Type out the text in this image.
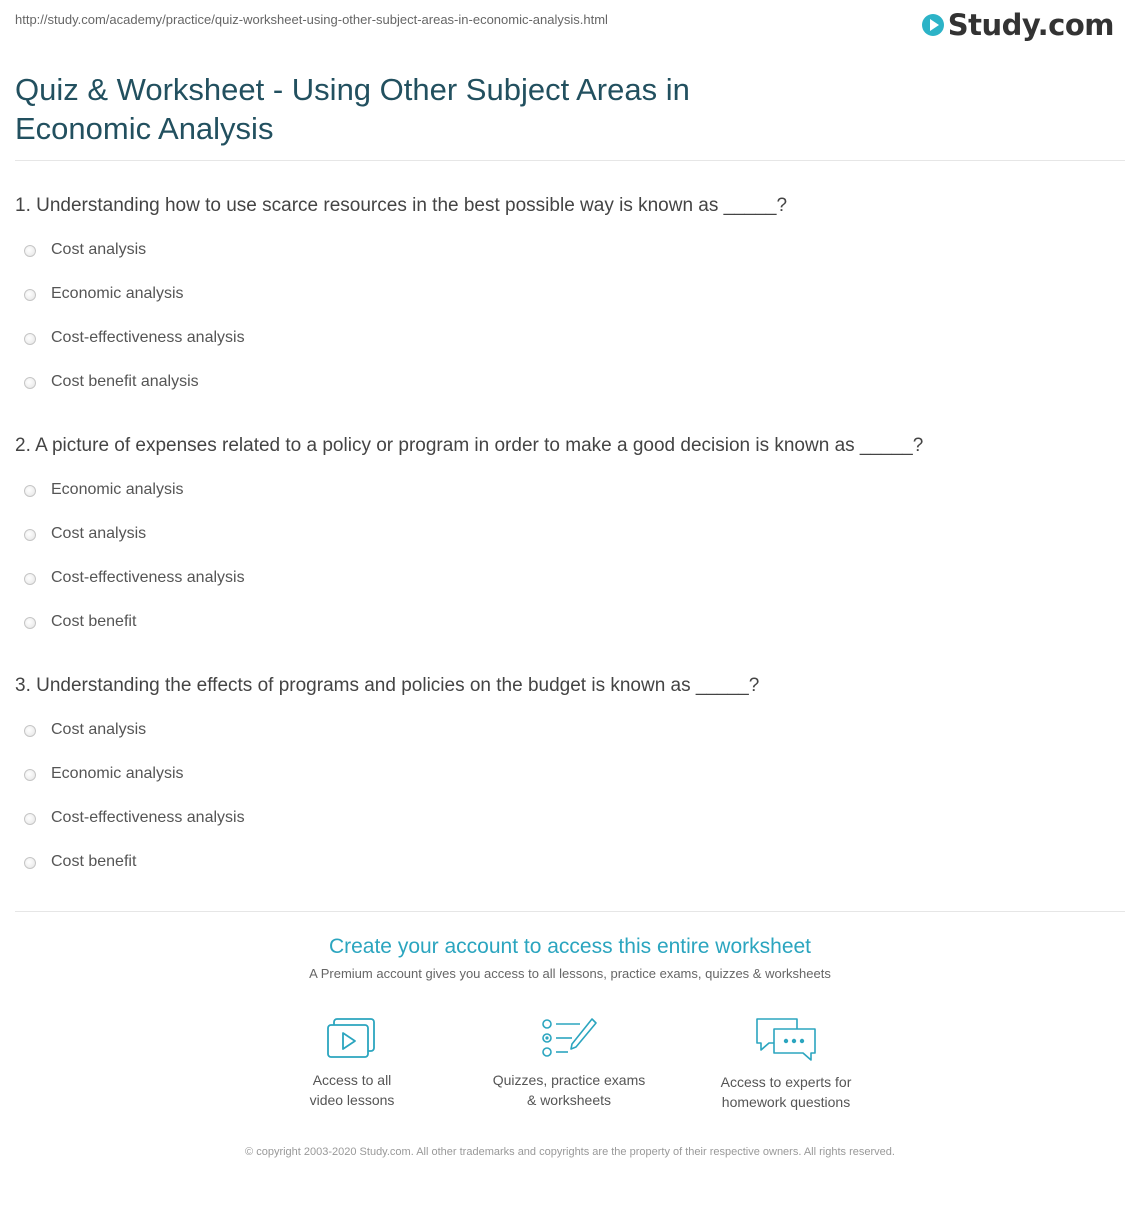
http://study.com/academy/practice/quiz-worksheet-using-other-subject-areas-in-economic-analysis.html	Study.com
Quiz & Worksheet - Using Other Subject Areas in Economic Analysis

1. Understanding how to use scarce resources in the best possible way is known as _____?

Cost analysis
Economic analysis
Cost-effectiveness analysis
Cost benefit analysis

2. A picture of expenses related to a policy or program in order to make a good decision is known as _____?

Economic analysis
Cost analysis
Cost-effectiveness analysis
Cost benefit

3. Understanding the effects of programs and policies on the budget is known as _____?

Cost analysis
Economic analysis
Cost-effectiveness analysis
Cost benefit
Create your account to access this entire worksheet
A Premium account gives you access to all lessons, practice exams, quizzes & worksheets
Access to all
video lessons
Quizzes, practice exams
& worksheets
Access to experts for
homework questions
© copyright 2003-2020 Study.com. All other trademarks and copyrights are the property of their respective owners. All rights reserved.
